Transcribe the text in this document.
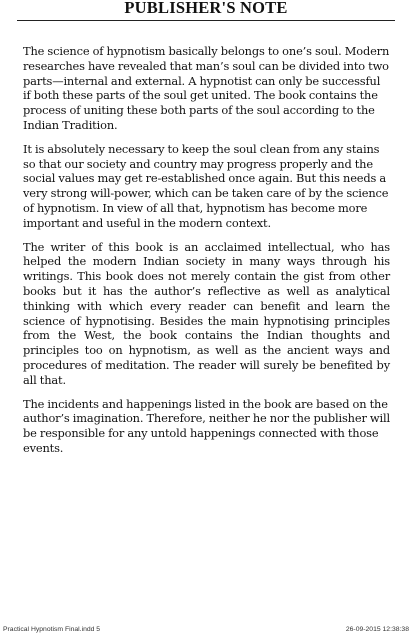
PUBLISHER'S NOTE

The science of hypnotism basically belongs to one’s soul. Modern researches have revealed that man’s soul can be divided into two parts—internal and external. A hypnotist can only be successful if both these parts of the soul get united. The book contains the process of uniting these both parts of the soul according to the Indian Tradition.

It is absolutely necessary to keep the soul clean from any stains so that our society and country may progress properly and the social values may get re-established once again. But this needs a very strong will-power, which can be taken care of by the science of hypnotism. In view of all that, hypnotism has become more important and useful in the modern context.

The writer of this book is an acclaimed intellectual, who has helped the modern Indian society in many ways through his writings. This book does not merely contain the gist from other books but it has the author’s reflective as well as analytical thinking with which every reader can benefit and learn the science of hypnotising. Besides the main hypnotising principles from the West, the book contains the Indian thoughts and principles too on hypnotism, as well as the ancient ways and procedures of meditation. The reader will surely be benefited by all that.

The incidents and happenings listed in the book are based on the author’s imagination. Therefore, neither he nor the publisher will be responsible for any untold happenings connected with those events.

Practical Hypnotism Final.indd 5	26-09-2015 12:38:38
